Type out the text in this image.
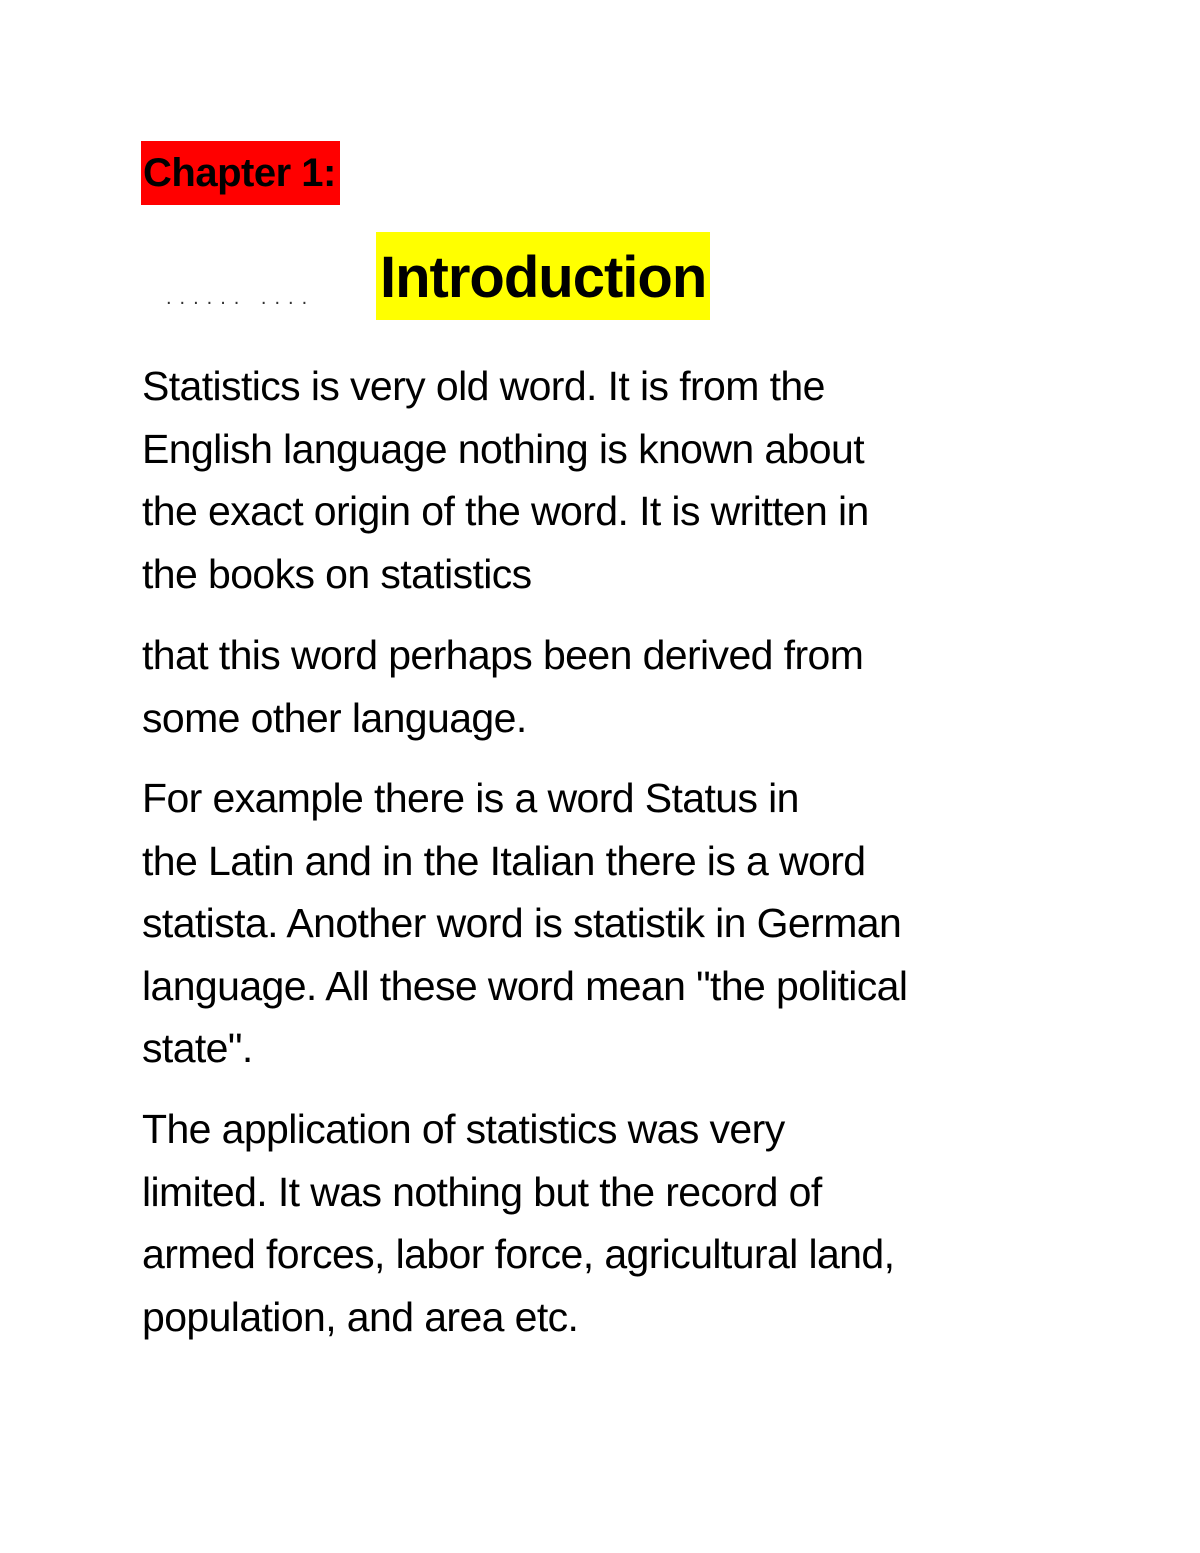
Chapter 1:
...... .... Introduction

Statistics is very old word. It is from the
English language nothing is known about
the exact origin of the word. It is written in
the books on statistics

that this word perhaps been derived from
some other language.

For example there is a word Status in
the Latin and in the Italian there is a word
statista. Another word is statistik in German
language. All these word mean "the political
state".

The application of statistics was very
limited. It was nothing but the record of
armed forces, labor force, agricultural land,
population, and area etc.
